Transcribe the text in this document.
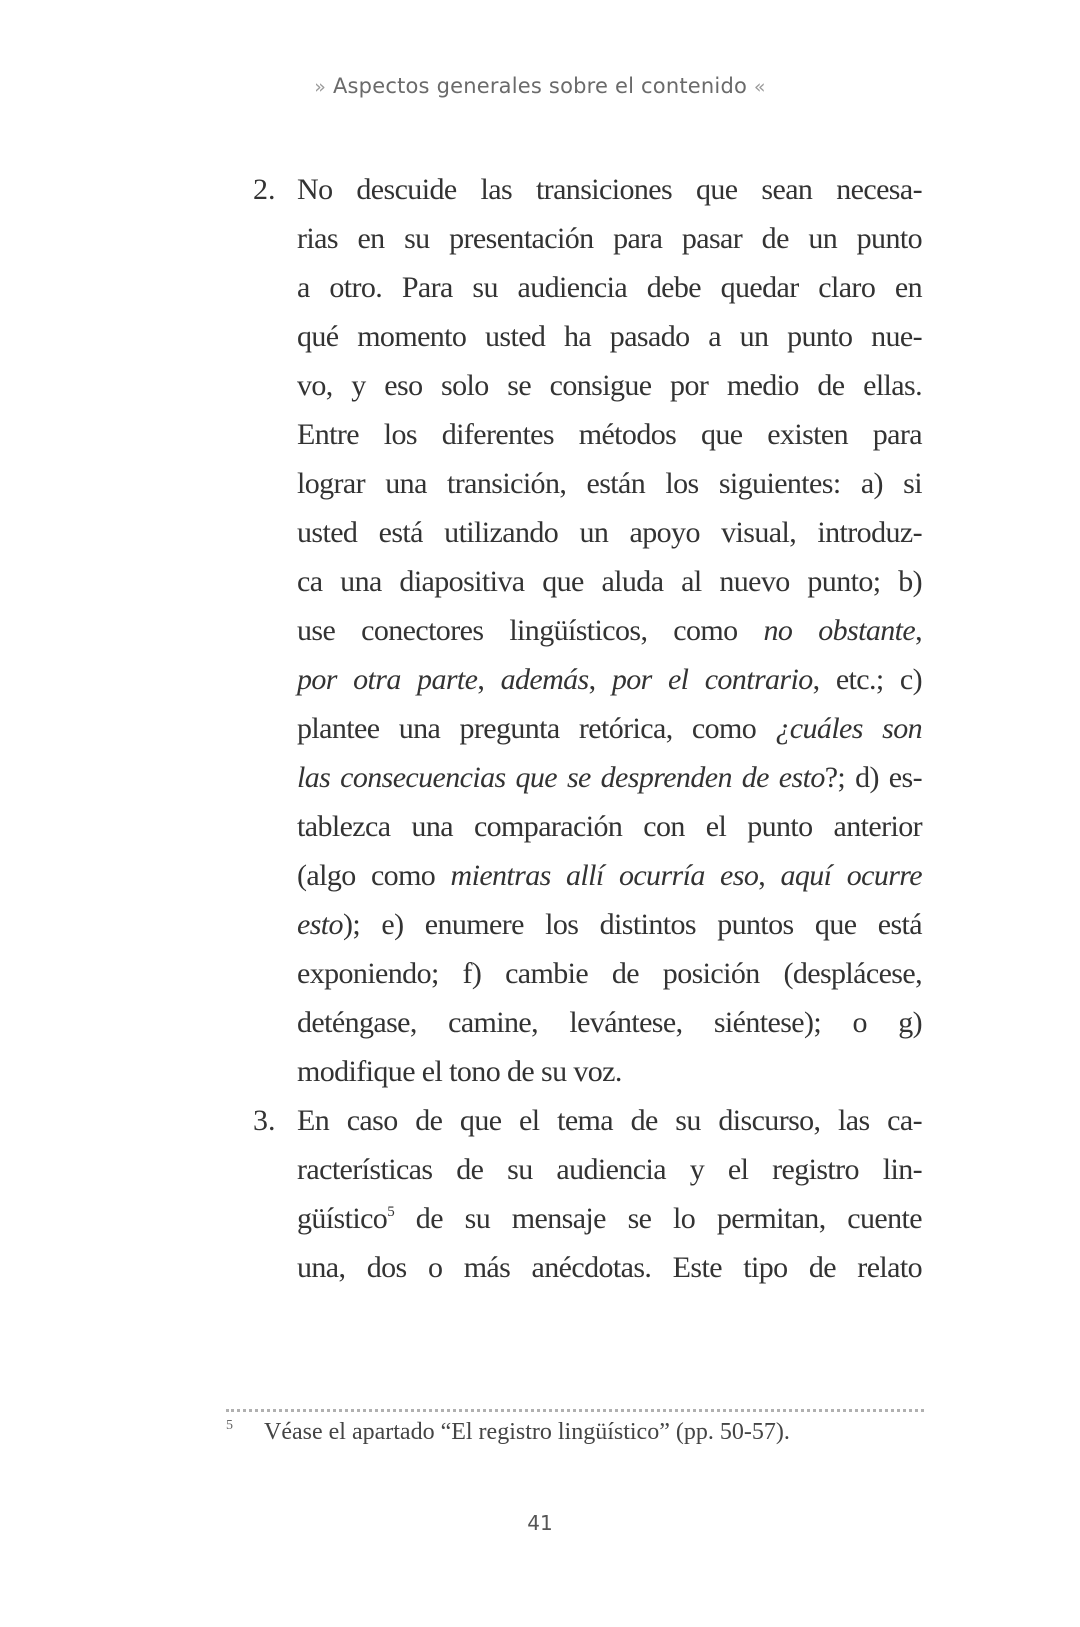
» Aspectos generales sobre el contenido «
2. No descuide las transiciones que sean necesa-
rias en su presentación para pasar de un punto
a otro. Para su audiencia debe quedar claro en
qué momento usted ha pasado a un punto nue-
vo, y eso solo se consigue por medio de ellas.
Entre los diferentes métodos que existen para
lograr una transición, están los siguientes: a) si
usted está utilizando un apoyo visual, introduz-
ca una diapositiva que aluda al nuevo punto; b)
use conectores lingüísticos, como no obstante,
por otra parte, además, por el contrario, etc.; c)
plantee una pregunta retórica, como ¿cuáles son
las consecuencias que se desprenden de esto?; d) es-
tablezca una comparación con el punto anterior
(algo como mientras allí ocurría eso, aquí ocurre
esto); e) enumere los distintos puntos que está
exponiendo; f) cambie de posición (desplácese,
deténgase, camine, levántese, siéntese); o g)
modifique el tono de su voz.
3. En caso de que el tema de su discurso, las ca-
racterísticas de su audiencia y el registro lin-
güístico$^5$ de su mensaje se lo permitan, cuente
una, dos o más anécdotas. Este tipo de relato
5 Véase el apartado “El registro lingüístico” (pp. 50-57).
41
